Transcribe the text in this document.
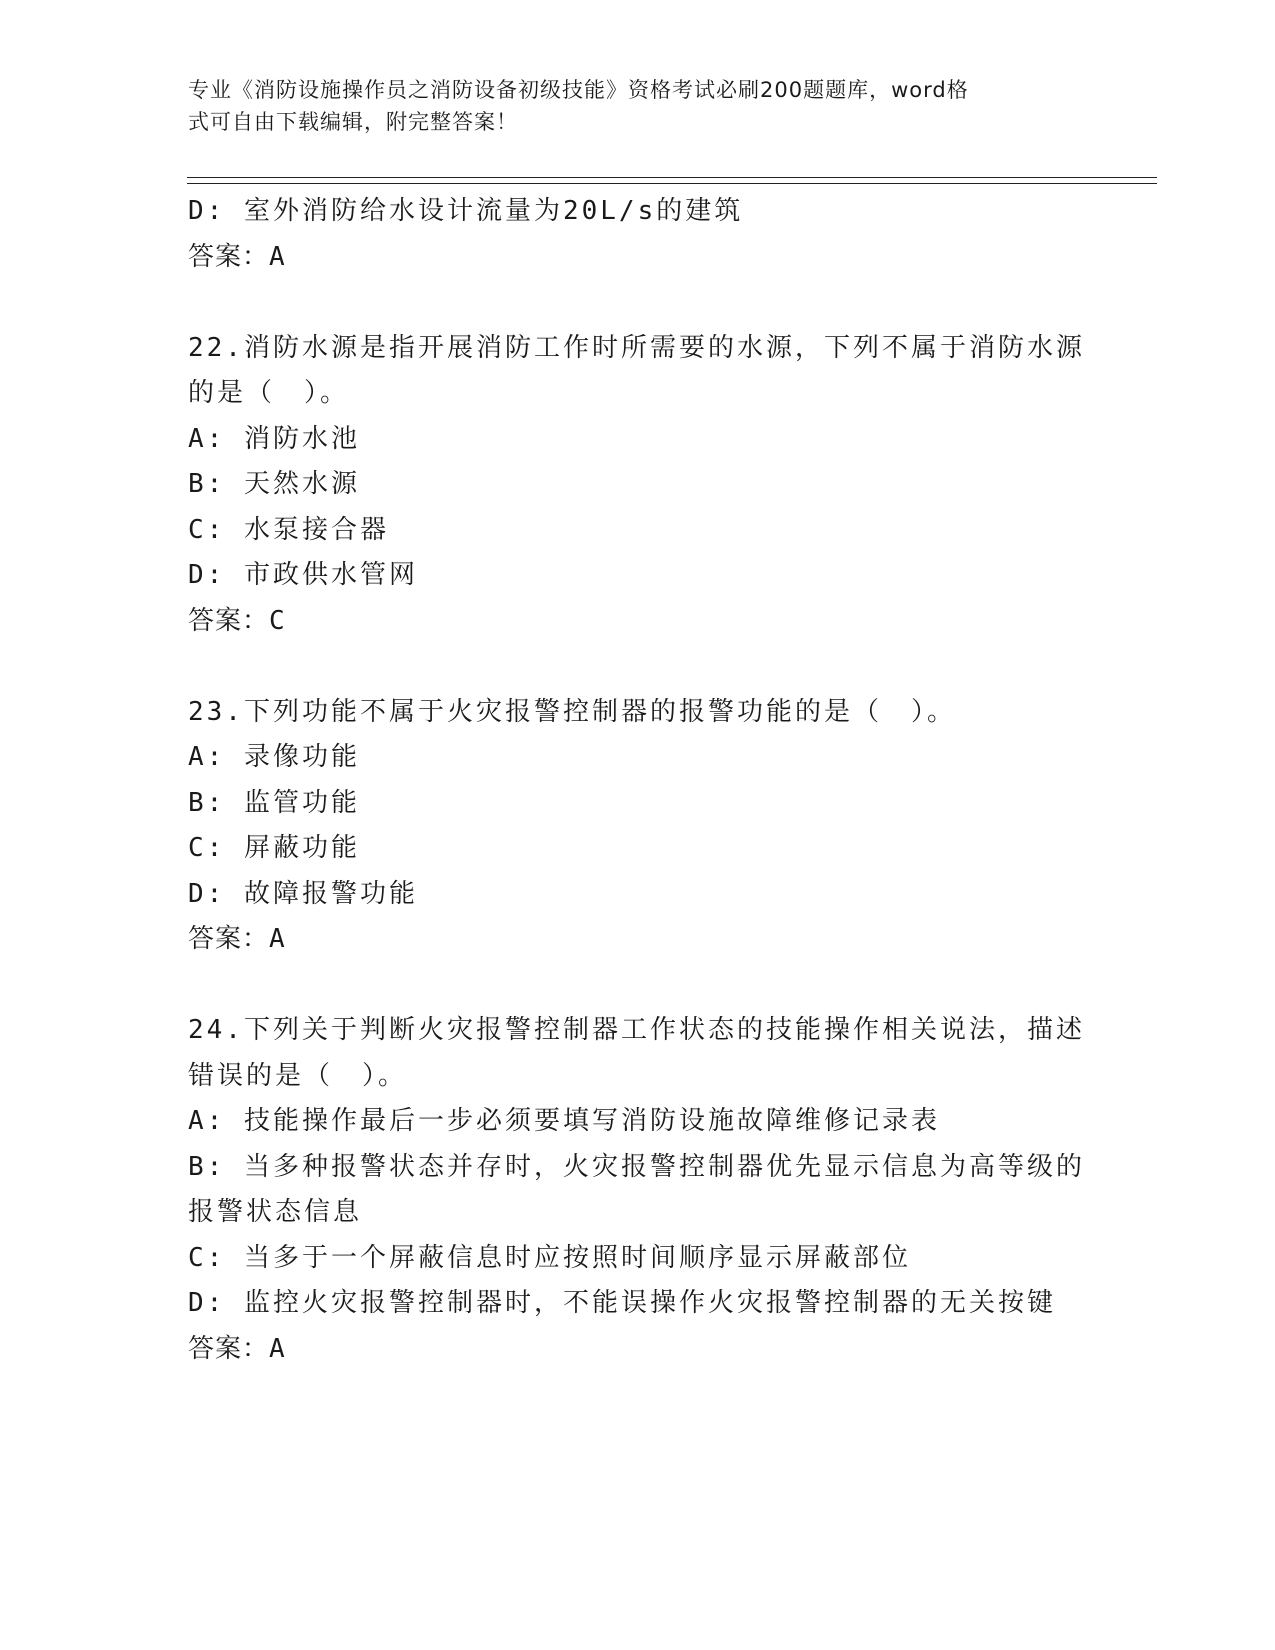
专业《消防设施操作员之消防设备初级技能》资格考试必刷200题题库，word格
式可自由下载编辑，附完整答案！
D: 室外消防给水设计流量为20L/s的建筑
答案：A
22.消防水源是指开展消防工作时所需要的水源，下列不属于消防水源
的是（　）。
A: 消防水池
B: 天然水源
C: 水泵接合器
D: 市政供水管网
答案：C
23.下列功能不属于火灾报警控制器的报警功能的是（　）。
A: 录像功能
B: 监管功能
C: 屏蔽功能
D: 故障报警功能
答案：A
24.下列关于判断火灾报警控制器工作状态的技能操作相关说法，描述
错误的是（　）。
A: 技能操作最后一步必须要填写消防设施故障维修记录表
B: 当多种报警状态并存时，火灾报警控制器优先显示信息为高等级的
报警状态信息
C: 当多于一个屏蔽信息时应按照时间顺序显示屏蔽部位
D: 监控火灾报警控制器时，不能误操作火灾报警控制器的无关按键
答案：A
